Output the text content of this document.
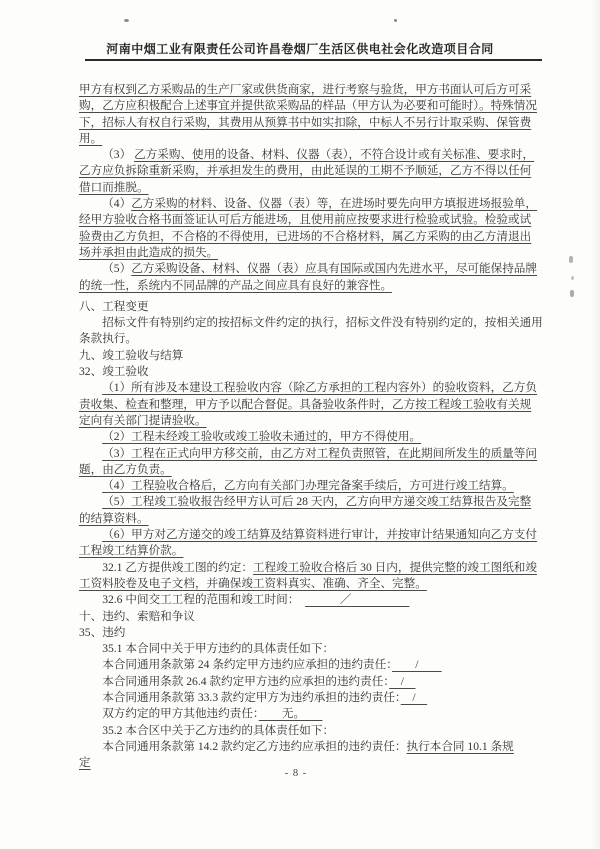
河南中烟工业有限责任公司许昌卷烟厂生活区供电社会化改造项目合同
甲方有权到乙方采购品的生产厂家或供货商家，进行考察与验货，甲方书面认可后方可采
购，乙方应积极配合上述事宜并提供欲采购品的样品（甲方认为必要和可能时）。特殊情况
下，招标人有权自行采购，其费用从预算书中如实扣除，中标人不另行计取采购、保管费
用。
（3） 乙方采购、使用的设备、材料、仪器（表），不符合设计或有关标准、要求时，
乙方应负拆除重新采购，并承担发生的费用，由此延误的工期不予顺延，乙方不得以任何
借口而推脱。
（4）乙方采购的材料、设备、仪器（表）等，在进场时要先向甲方填报进场报验单，
经甲方验收合格书面签证认可后方能进场，且使用前应按要求进行检验或试验。检验或试
验费由乙方负担，不合格的不得使用，已进场的不合格材料，属乙方采购的由乙方清退出
场并承担由此造成的损失。
（5）乙方采购设备、材料、仪器（表）应具有国际或国内先进水平，尽可能保持品牌
的统一性，系统内不同品牌的产品之间应具有良好的兼容性。
八、工程变更
招标文件有特别约定的按招标文件约定的执行，招标文件没有特别约定的，按相关通用
条款执行。
九、竣工验收与结算
32、竣工验收
（1）所有涉及本建设工程验收内容（除乙方承担的工程内容外）的验收资料，乙方负
责收集、检查和整理，甲方予以配合督促。具备验收条件时，乙方按工程竣工验收有关规
定向有关部门提请验收。
（2）工程未经竣工验收或竣工验收未通过的，甲方不得使用。
（3）工程在正式向甲方移交前，由乙方对工程负责照管，在此期间所发生的质量等问
题，由乙方负责。
（4）工程验收合格后，乙方向有关部门办理完备案手续后，方可进行竣工结算。
（5）工程竣工验收报告经甲方认可后 28 天内，乙方向甲方递交竣工结算报告及完整
的结算资料。
（6）甲方对乙方递交的竣工结算及结算资料进行审计，并按审计结果通知向乙方支付
工程竣工结算价款。
32.1 乙方提供竣工图的约定：工程竣工验收合格后 30 日内，提供完整的竣工图纸和竣
工资料胶卷及电子文档，并确保竣工资料真实、准确、齐全、完整。
32.6 中间交工工程的范围和竣工时间：  　　　／　　　　　
十、违约、索赔和争议
35、违约
35.1 本合同中关于甲方违约的具体责任如下：
本合同通用条款第 24 条约定甲方违约应承担的违约责任：　　/　　
本合同通用条款 26.4 款约定甲方违约应承担的违约责任：　/　
本合同通用条款第 33.3 款约定甲方为违约承担的违约责任：　/　
双方约定的甲方其他违约责任：　　无。　　
35.2 本合区中关于乙方违约的具体责任如下：
本合同通用条款第 14.2 款约定乙方违约应承担的违约责任：执行本合同 10.1 条规
定
- 8 -
